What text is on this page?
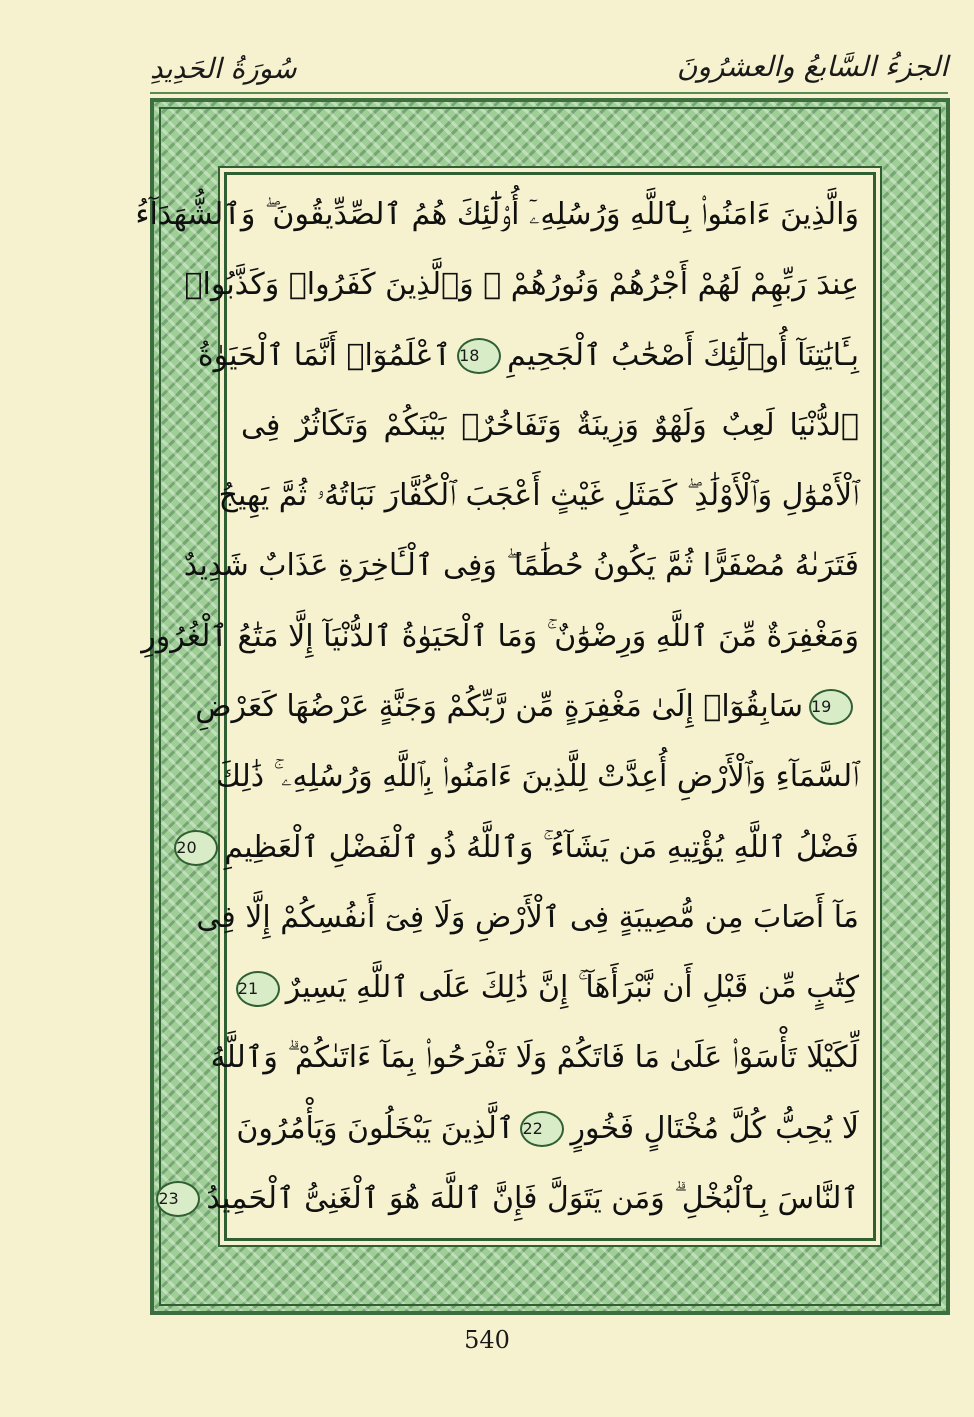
الجزءُ السَّابعُ والعشرُونَ
سُورَةُ الحَدِيدِ
وَالَّذِينَ ءَامَنُوا۟ بِٱللَّهِ وَرُسُلِهِۦٓ أُو۟لَٰٓئِكَ هُمُ ٱلصِّدِّيقُونَ ۖ وَٱلشُّهَدَآءُ
عِندَ رَبِّهِمْ لَهُمْ أَجْرُهُمْ وَنُورُهُمْ ۖ وَٱلَّذِينَ كَفَرُوا۟ وَكَذَّبُوا۟
بِـَٔايَٰتِنَآ أُو۟لَٰٓئِكَ أَصْحَٰبُ ٱلْجَحِيمِ18ٱعْلَمُوٓا۟ أَنَّمَا ٱلْحَيَوٰةُ
ٱلدُّنْيَا لَعِبٌ وَلَهْوٌ وَزِينَةٌ وَتَفَاخُرٌۢ بَيْنَكُمْ وَتَكَاثُرٌ فِى
ٱلْأَمْوَٰلِ وَٱلْأَوْلَٰدِ ۖ كَمَثَلِ غَيْثٍ أَعْجَبَ ٱلْكُفَّارَ نَبَاتُهُۥ ثُمَّ يَهِيجُ
فَتَرَىٰهُ مُصْفَرًّا ثُمَّ يَكُونُ حُطَٰمًا ۖ وَفِى ٱلْـَٔاخِرَةِ عَذَابٌ شَدِيدٌ
وَمَغْفِرَةٌ مِّنَ ٱللَّهِ وَرِضْوَٰنٌ ۚ وَمَا ٱلْحَيَوٰةُ ٱلدُّنْيَآ إِلَّا مَتَٰعُ ٱلْغُرُورِ
19سَابِقُوٓا۟ إِلَىٰ مَغْفِرَةٍ مِّن رَّبِّكُمْ وَجَنَّةٍ عَرْضُهَا كَعَرْضِ
ٱلسَّمَآءِ وَٱلْأَرْضِ أُعِدَّتْ لِلَّذِينَ ءَامَنُوا۟ بِٱللَّهِ وَرُسُلِهِۦ ۚ ذَٰلِكَ
فَضْلُ ٱللَّهِ يُؤْتِيهِ مَن يَشَآءُ ۚ وَٱللَّهُ ذُو ٱلْفَضْلِ ٱلْعَظِيمِ20
مَآ أَصَابَ مِن مُّصِيبَةٍ فِى ٱلْأَرْضِ وَلَا فِىٓ أَنفُسِكُمْ إِلَّا فِى
كِتَٰبٍ مِّن قَبْلِ أَن نَّبْرَأَهَآ ۚ إِنَّ ذَٰلِكَ عَلَى ٱللَّهِ يَسِيرٌ21
لِّكَيْلَا تَأْسَوْا۟ عَلَىٰ مَا فَاتَكُمْ وَلَا تَفْرَحُوا۟ بِمَآ ءَاتَىٰكُمْ ۗ وَٱللَّهُ
لَا يُحِبُّ كُلَّ مُخْتَالٍ فَخُورٍ22ٱلَّذِينَ يَبْخَلُونَ وَيَأْمُرُونَ
ٱلنَّاسَ بِٱلْبُخْلِ ۗ وَمَن يَتَوَلَّ فَإِنَّ ٱللَّهَ هُوَ ٱلْغَنِىُّ ٱلْحَمِيدُ23
540
